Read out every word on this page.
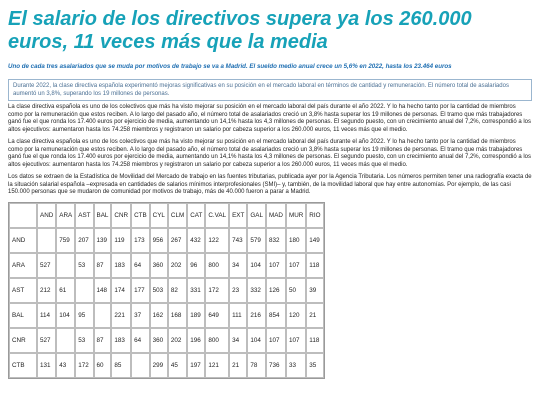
El salario de los directivos supera ya los 260.000 euros, 11 veces más que la media

Uno de cada tres asalariados que se muda por motivos de trabajo se va a Madrid. El sueldo medio anual crece un 5,6% en 2022, hasta los 23.464 euros

Durante 2022, la clase directiva española experimentó mejoras significativas en su posición en el mercado laboral en términos de cantidad y remuneración. El número total de asalariados aumentó un 3,8%, superando los 19 millones de personas.

La clase directiva española es uno de los colectivos que más ha visto mejorar su posición en el mercado laboral del país durante el año 2022. Y lo ha hecho tanto por la cantidad de miembros como por la remuneración que estos reciben. A lo largo del pasado año, el número total de asalariados creció un 3,8% hasta superar los 19 millones de personas. El tramo que más trabajadores ganó fue el que ronda los 17.400 euros por ejercicio de media, aumentando un 14,1% hasta los 4,3 millones de personas. El segundo puesto, con un crecimiento anual del 7,2%, correspondió a los altos ejecutivos: aumentaron hasta los 74.258 miembros y registraron un salario por cabeza superior a los 260.000 euros, 11 veces más que el medio.

La clase directiva española es uno de los colectivos que más ha visto mejorar su posición en el mercado laboral del país durante el año 2022. Y lo ha hecho tanto por la cantidad de miembros como por la remuneración que estos reciben. A lo largo del pasado año, el número total de asalariados creció un 3,8% hasta superar los 19 millones de personas. El tramo que más trabajadores ganó fue el que ronda los 17.400 euros por ejercicio de media, aumentando un 14,1% hasta los 4,3 millones de personas. El segundo puesto, con un crecimiento anual del 7,2%, correspondió a los altos ejecutivos: aumentaron hasta los 74.258 miembros y registraron un salario por cabeza superior a los 260.000 euros, 11 veces más que el medio.

Los datos se extraen de la Estadística de Movilidad del Mercado de trabajo en las fuentes tributarias, publicada ayer por la Agencia Tributaria. Los números permiten tener una radiografía exacta de la situación salarial española –expresada en cantidades de salarios mínimos interprofesionales (SMI)– y, también, de la movilidad laboral que hay entre autonomías. Por ejemplo, de las casi 150.000 personas que se mudaron de comunidad por motivos de trabajo, más de 40.000 fueron a parar a Madrid.

	AND	ARA	AST	BAL	CNR	CTB	CYL	CLM	CAT	C.VAL	EXT	GAL	MAD	MUR	RIO
AND		759	207	139	119	173	956	267	432	122	743	579	832	180	149
ARA	527		53	87	183	64	360	202	96	800	34	104	107	107	118
AST	212	61		148	174	177	503	82	331	172	23	332	126	50	39
BAL	114	104	95		221	37	162	168	189	649	111	216	854	120	21
CNR	527		53	87	183	64	360	202	196	800	34	104	107	107	118
CTB	131	43	172	60	85		299	45	197	121	21	78	736	33	35
